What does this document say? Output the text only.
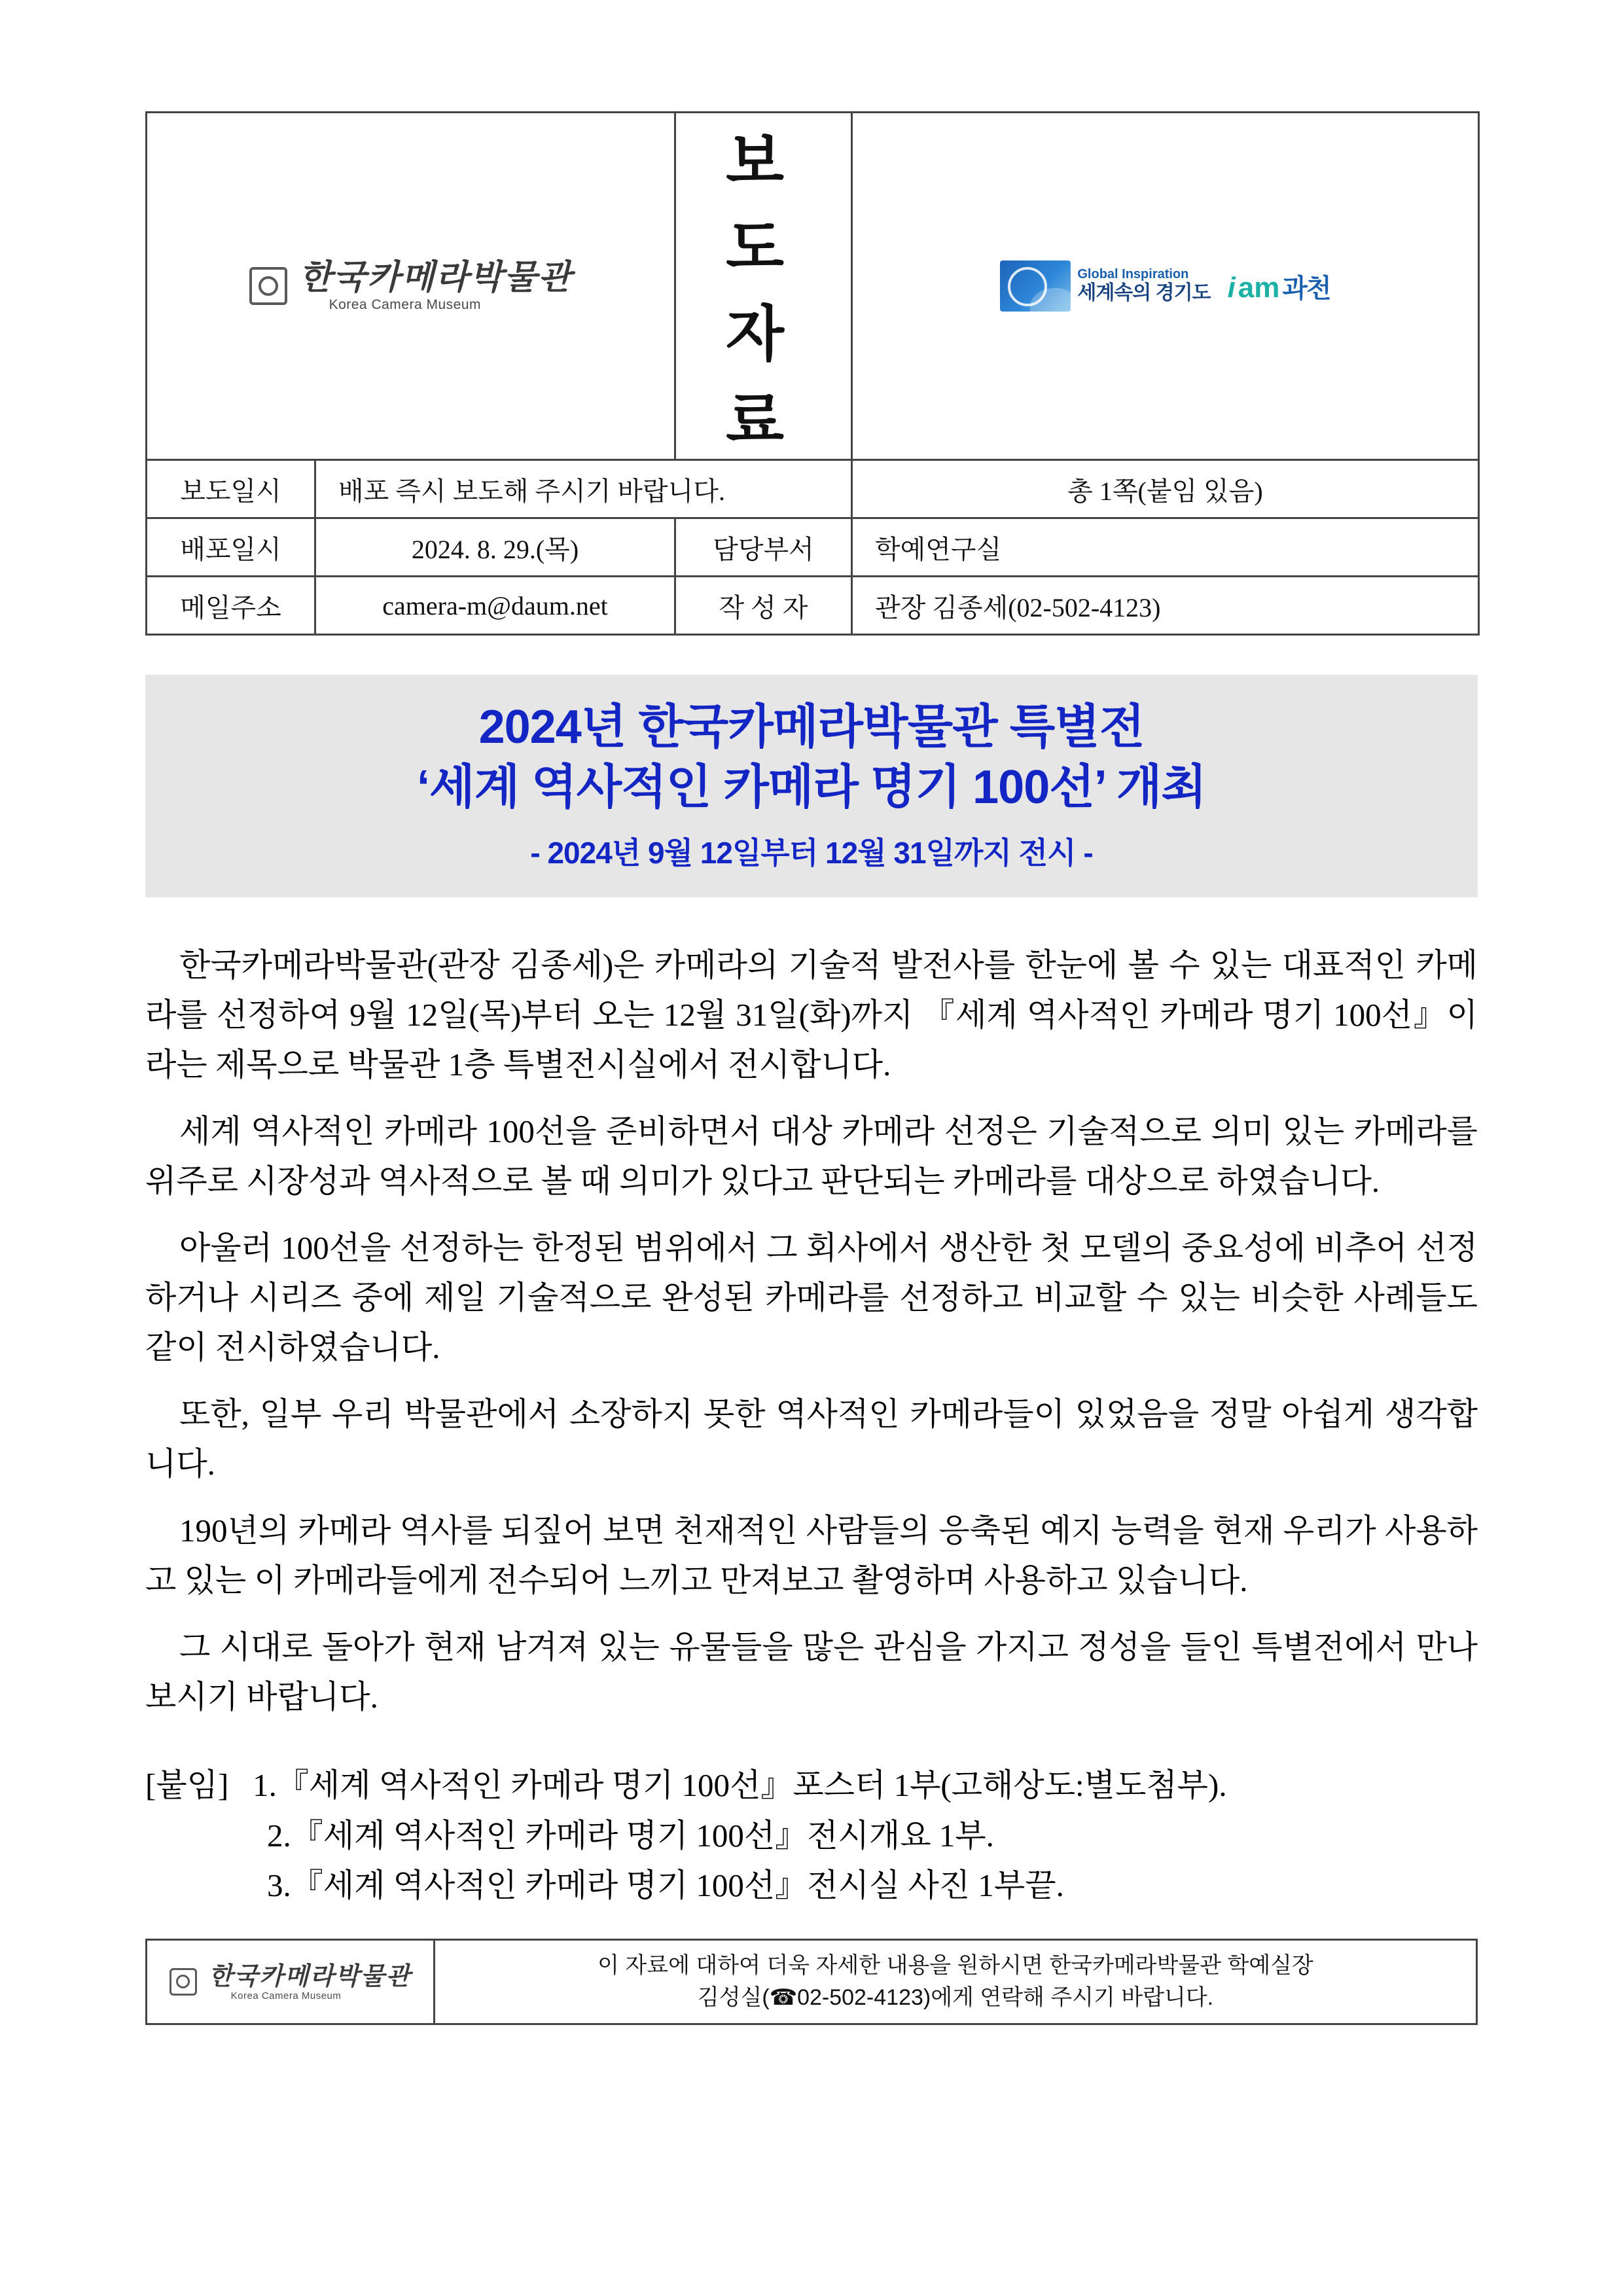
한국카메라박물관
Korea Camera Museum
	보 도 자 료	
Global Inspiration
세계속의 경기도 i am 과천

보도일시	배포 즉시 보도해 주시기 바랍니다.		총 1쪽(붙임 있음)
배포일시	2024. 8. 29.(목)	담당부서	학예연구실
메일주소	camera-m@daum.net	작 성 자	관장 김종세(02-502-4123)
2024년 한국카메라박물관 특별전
‘세계 역사적인 카메라 명기 100선’ 개최
- 2024년 9월 12일부터 12월 31일까지 전시 -

한국카메라박물관(관장 김종세)은 카메라의 기술적 발전사를 한눈에 볼 수 있는 대표적인 카메라를 선정하여 9월 12일(목)부터 오는 12월 31일(화)까지 『세계 역사적인 카메라 명기 100선』이라는 제목으로 박물관 1층 특별전시실에서 전시합니다.

세계 역사적인 카메라 100선을 준비하면서 대상 카메라 선정은 기술적으로 의미 있는 카메라를 위주로 시장성과 역사적으로 볼 때 의미가 있다고 판단되는 카메라를 대상으로 하였습니다.

아울러 100선을 선정하는 한정된 범위에서 그 회사에서 생산한 첫 모델의 중요성에 비추어 선정하거나 시리즈 중에 제일 기술적으로 완성된 카메라를 선정하고 비교할 수 있는 비슷한 사례들도 같이 전시하였습니다.

또한, 일부 우리 박물관에서 소장하지 못한 역사적인 카메라들이 있었음을 정말 아쉽게 생각합니다.

190년의 카메라 역사를 되짚어 보면 천재적인 사람들의 응축된 예지 능력을 현재 우리가 사용하고 있는 이 카메라들에게 전수되어 느끼고 만져보고 촬영하며 사용하고 있습니다.

그 시대로 돌아가 현재 남겨져 있는 유물들을 많은 관심을 가지고 정성을 들인 특별전에서 만나 보시기 바랍니다.

[붙임] 1.『세계 역사적인 카메라 명기 100선』포스터 1부(고해상도:별도첨부).
2.『세계 역사적인 카메라 명기 100선』전시개요 1부.
3.『세계 역사적인 카메라 명기 100선』전시실 사진 1부끝.
한국카메라박물관
Korea Camera Museum
이 자료에 대하여 더욱 자세한 내용을 원하시면 한국카메라박물관 학예실장
김성실(☎02-502-4123)에게 연락해 주시기 바랍니다.
